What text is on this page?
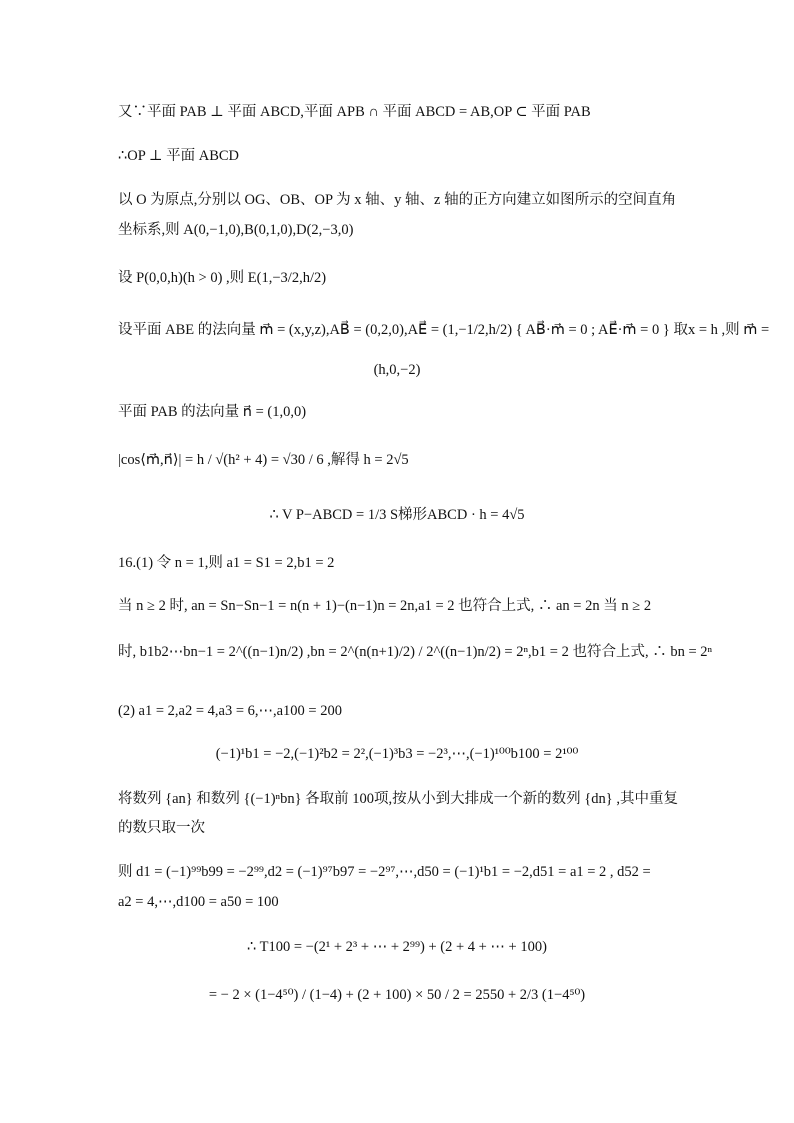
又∵平面 PAB ⊥ 平面 ABCD,平面 APB ∩ 平面 ABCD = AB,OP ⊂ 平面 PAB
∴OP ⊥ 平面 ABCD
以 O 为原点,分别以 OG、OB、OP 为 x 轴、y 轴、z 轴的正方向建立如图所示的空间直角
坐标系,则 A(0,−1,0),B(0,1,0),D(2,−3,0)
设 P(0,0,h)(h > 0) ,则 E(1,−3/2,h/2)
设平面 ABE 的法向量 m⃗ = (x,y,z),AB⃗ = (0,2,0),AE⃗ = (1,−1/2,h/2) { AB⃗·m⃗ = 0 ; AE⃗·m⃗ = 0 } 取x = h ,则 m⃗ =
(h,0,−2)
平面 PAB 的法向量 n⃗ = (1,0,0)
|cos⟨m⃗,n⃗⟩| = h / √(h² + 4) = √30 / 6 ,解得 h = 2√5
∴ V P−ABCD = 1/3 S梯形ABCD · h = 4√5
16.(1) 令 n = 1,则 a1 = S1 = 2,b1 = 2
当 n ≥ 2 时, an = Sn−Sn−1 = n(n + 1)−(n−1)n = 2n,a1 = 2 也符合上式, ∴ an = 2n 当 n ≥ 2
时, b1b2⋯bn−1 = 2^((n−1)n/2) ,bn = 2^(n(n+1)/2) / 2^((n−1)n/2) = 2ⁿ,b1 = 2 也符合上式, ∴ bn = 2ⁿ
(2) a1 = 2,a2 = 4,a3 = 6,⋯,a100 = 200
(−1)¹b1 = −2,(−1)²b2 = 2²,(−1)³b3 = −2³,⋯,(−1)¹⁰⁰b100 = 2¹⁰⁰
将数列 {an} 和数列 {(−1)ⁿbn} 各取前 100项,按从小到大排成一个新的数列 {dn} ,其中重复
的数只取一次
则 d1 = (−1)⁹⁹b99 = −2⁹⁹,d2 = (−1)⁹⁷b97 = −2⁹⁷,⋯,d50 = (−1)¹b1 = −2,d51 = a1 = 2 , d52 =
a2 = 4,⋯,d100 = a50 = 100
∴ T100 = −(2¹ + 2³ + ⋯ + 2⁹⁹) + (2 + 4 + ⋯ + 100)
= − 2 × (1−4⁵⁰) / (1−4) + (2 + 100) × 50 / 2 = 2550 + 2/3 (1−4⁵⁰)
